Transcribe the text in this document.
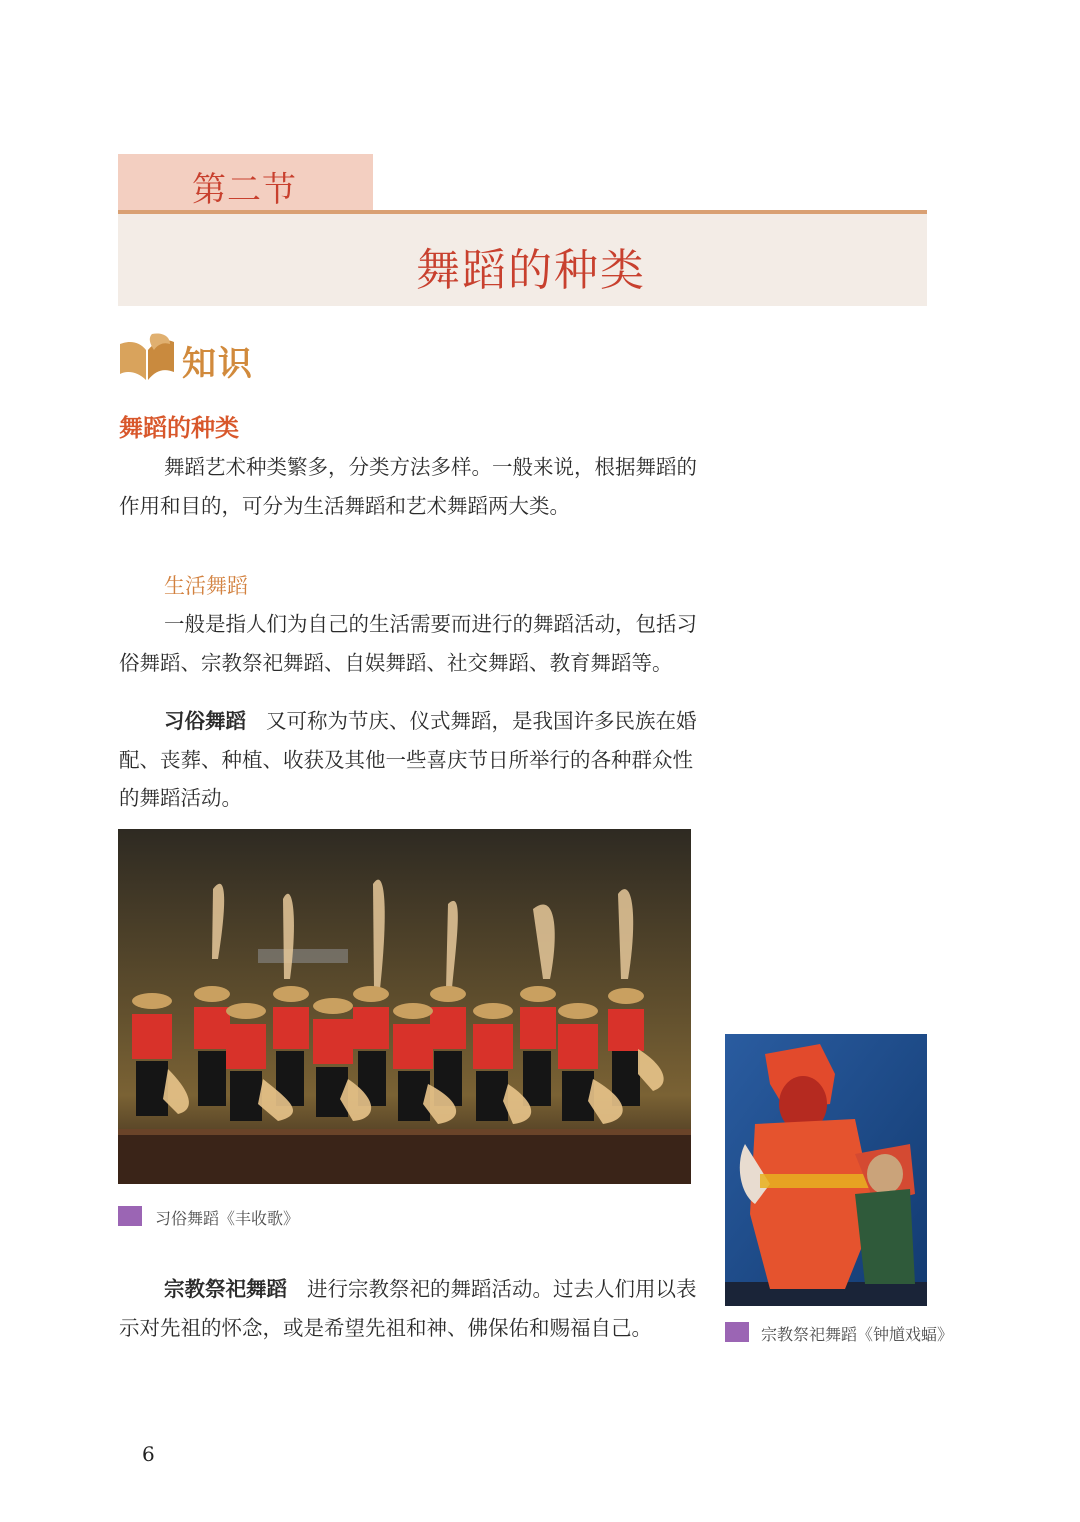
第二节
舞蹈的种类
知识
舞蹈的种类
舞蹈艺术种类繁多，分类方法多样。一般来说，根据舞蹈的作用和目的，可分为生活舞蹈和艺术舞蹈两大类。
生活舞蹈
一般是指人们为自己的生活需要而进行的舞蹈活动，包括习俗舞蹈、宗教祭祀舞蹈、自娱舞蹈、社交舞蹈、教育舞蹈等。
习俗舞蹈 又可称为节庆、仪式舞蹈，是我国许多民族在婚配、丧葬、种植、收获及其他一些喜庆节日所举行的各种群众性的舞蹈活动。
习俗舞蹈《丰收歌》
宗教祭祀舞蹈《钟馗戏蝠》
宗教祭祀舞蹈 进行宗教祭祀的舞蹈活动。过去人们用以表示对先祖的怀念，或是希望先祖和神、佛保佑和赐福自己。
6
